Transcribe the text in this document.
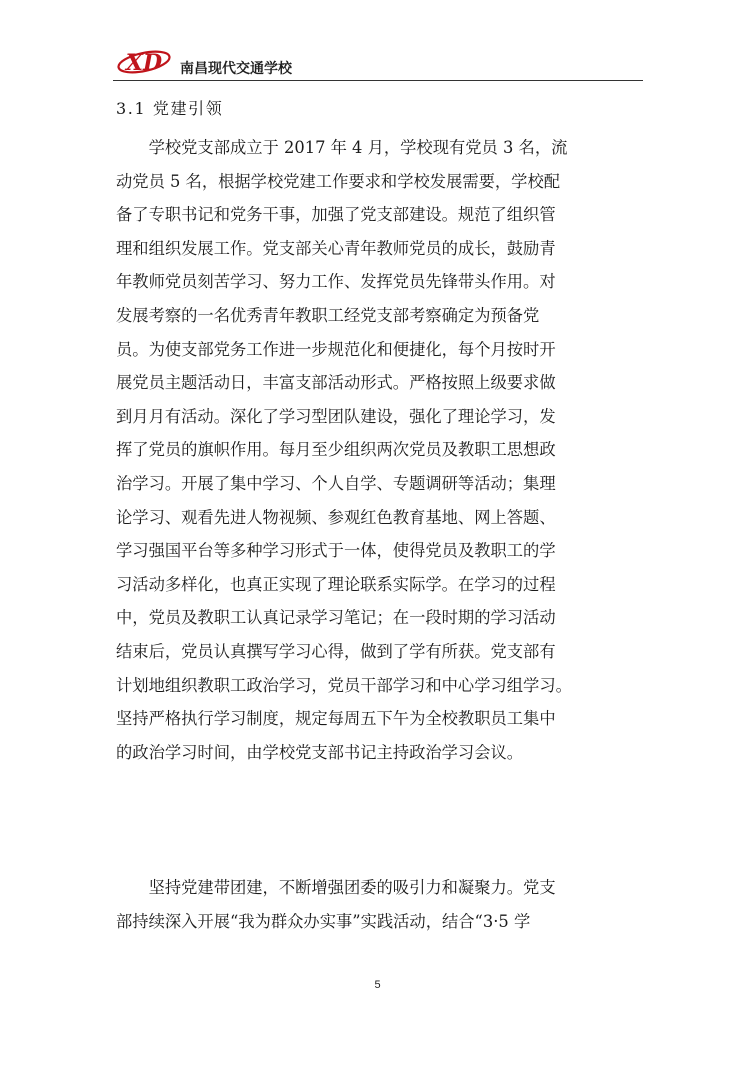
XD 南昌现代交通学校
3.1 党建引领
　　学校党支部成立于 2017 年 4 月，学校现有党员 3 名，流
动党员 5 名，根据学校党建工作要求和学校发展需要，学校配
备了专职书记和党务干事，加强了党支部建设。规范了组织管
理和组织发展工作。党支部关心青年教师党员的成长，鼓励青
年教师党员刻苦学习、努力工作、发挥党员先锋带头作用。对
发展考察的一名优秀青年教职工经党支部考察确定为预备党
员。为使支部党务工作进一步规范化和便捷化，每个月按时开
展党员主题活动日，丰富支部活动形式。严格按照上级要求做
到月月有活动。深化了学习型团队建设，强化了理论学习，发
挥了党员的旗帜作用。每月至少组织两次党员及教职工思想政
治学习。开展了集中学习、个人自学、专题调研等活动；集理
论学习、观看先进人物视频、参观红色教育基地、网上答题、
学习强国平台等多种学习形式于一体，使得党员及教职工的学
习活动多样化，也真正实现了理论联系实际学。在学习的过程
中，党员及教职工认真记录学习笔记；在一段时期的学习活动
结束后，党员认真撰写学习心得，做到了学有所获。党支部有
计划地组织教职工政治学习，党员干部学习和中心学习组学习。
坚持严格执行学习制度，规定每周五下午为全校教职员工集中
的政治学习时间，由学校党支部书记主持政治学习会议。
　　坚持党建带团建，不断增强团委的吸引力和凝聚力。党支
部持续深入开展“我为群众办实事”实践活动，结合“3·5 学
5
